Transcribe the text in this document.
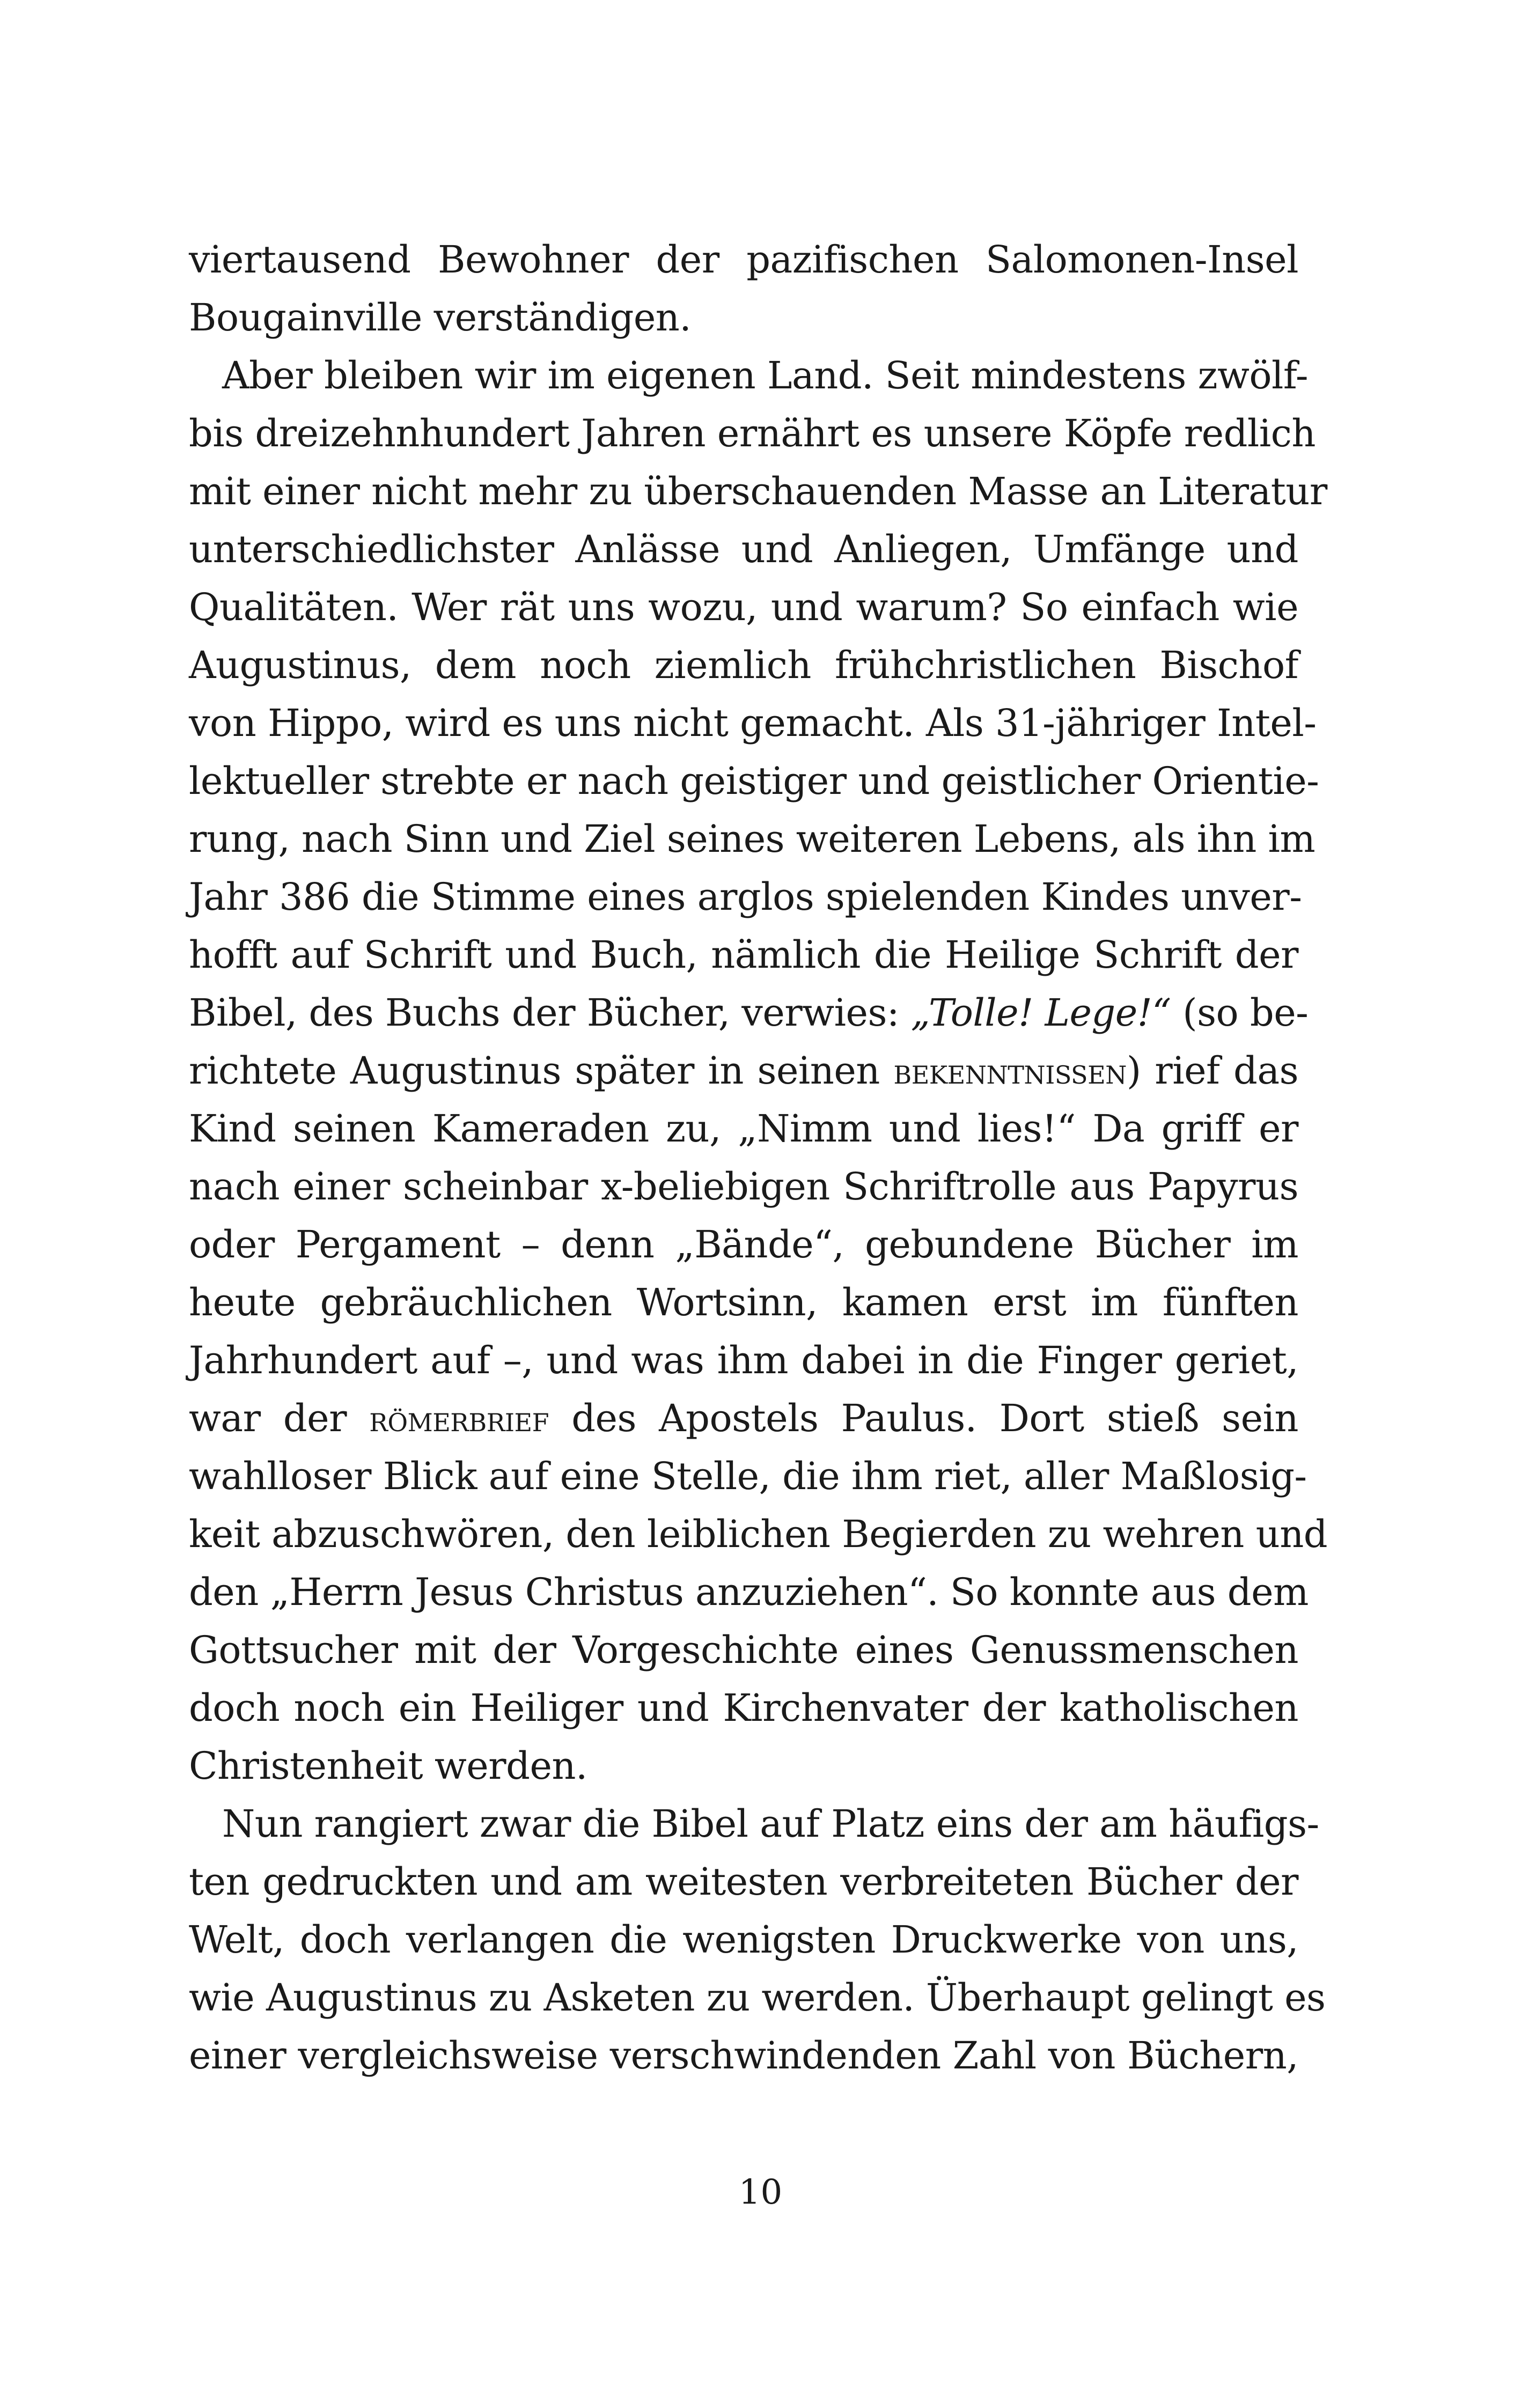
viertausend Bewohner der pazifischen Salomonen-Insel
Bougainville verständigen.
Aber bleiben wir im eigenen Land. Seit mindestens zwölf-
bis dreizehnhundert Jahren ernährt es unsere Köpfe redlich
mit einer nicht mehr zu überschauenden Masse an Literatur
unterschiedlichster Anlässe und Anliegen, Umfänge und
Qualitäten. Wer rät uns wozu, und warum? So einfach wie
Augustinus, dem noch ziemlich frühchristlichen Bischof
von Hippo, wird es uns nicht gemacht. Als 31-jähriger Intel-
lektueller strebte er nach geistiger und geistlicher Orientie-
rung, nach Sinn und Ziel seines weiteren Lebens, als ihn im
Jahr 386 die Stimme eines arglos spielenden Kindes unver-
hofft auf Schrift und Buch, nämlich die Heilige Schrift der
Bibel, des Buchs der Bücher, verwies: „Tolle! Lege!“ (so be-
richtete Augustinus später in seinen bekenntnissen) rief das
Kind seinen Kameraden zu, „Nimm und lies!“ Da griff er
nach einer scheinbar x-beliebigen Schriftrolle aus Papyrus
oder Pergament – denn „Bände“, gebundene Bücher im
heute gebräuchlichen Wortsinn, kamen erst im fünften
Jahrhundert auf –, und was ihm dabei in die Finger geriet,
war der römerbrief des Apostels Paulus. Dort stieß sein
wahlloser Blick auf eine Stelle, die ihm riet, aller Maßlosig-
keit abzuschwören, den leiblichen Begierden zu wehren und
den „Herrn Jesus Christus anzuziehen“. So konnte aus dem
Gottsucher mit der Vorgeschichte eines Genussmenschen
doch noch ein Heiliger und Kirchenvater der katholischen
Christenheit werden.
Nun rangiert zwar die Bibel auf Platz eins der am häufigs-
ten gedruckten und am weitesten verbreiteten Bücher der
Welt, doch verlangen die wenigsten Druckwerke von uns,
wie Augustinus zu Asketen zu werden. Überhaupt gelingt es
einer vergleichsweise verschwindenden Zahl von Büchern,
10
